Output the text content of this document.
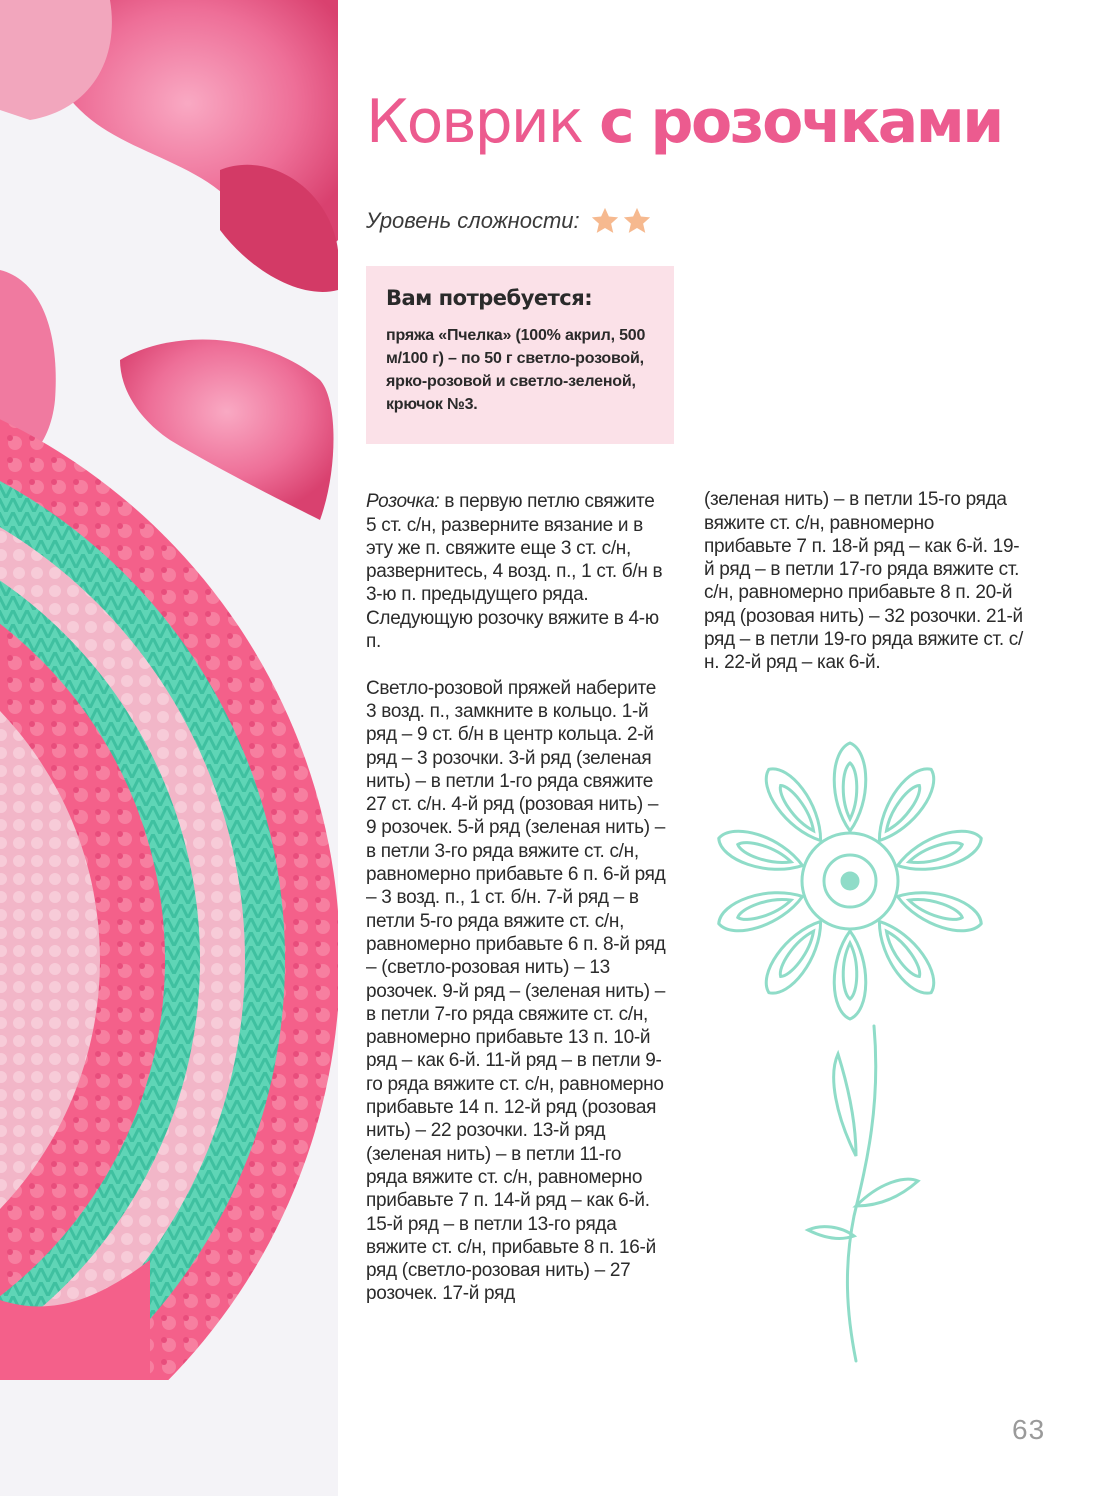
Коврик с розочками
Уровень сложности:
Вам потребуется:

пряжа «Пчелка» (100% акрил, 500 м/100 г) – по 50 г светло-розовой, ярко-розовой и светло-зеленой, крючок №3.

Розочка: в первую петлю свяжите 5 ст. с/н, разверните вязание и в эту же п. свяжите еще 3 ст. с/н, развернитесь, 4 возд. п., 1 ст. б/н в 3-ю п. предыдущего ряда. Следующую розочку вяжите в 4-ю п.

Светло-розовой пряжей наберите 3 возд. п., замкните в кольцо. 1-й ряд – 9 ст. б/н в центр кольца. 2-й ряд – 3 розочки. 3-й ряд (зеленая нить) – в петли 1-го ряда свяжите 27 ст. с/н. 4-й ряд (розовая нить) – 9 розочек. 5-й ряд (зеленая нить) – в петли 3-го ряда вяжите ст. с/н, равномерно прибавьте 6 п. 6-й ряд – 3 возд. п., 1 ст. б/н. 7-й ряд – в петли 5-го ряда вяжите ст. с/н, равномерно прибавьте 6 п. 8-й ряд – (светло-розовая нить) – 13 розочек. 9-й ряд – (зеленая нить) – в петли 7-го ряда свяжите ст. с/н, равномерно прибавьте 13 п. 10-й ряд – как 6-й. 11-й ряд – в петли 9-го ряда вяжите ст. с/н, равномерно прибавьте 14 п. 12-й ряд (розовая нить) – 22 розочки. 13-й ряд (зеленая нить) – в петли 11-го ряда вяжите ст. с/н, равномерно прибавьте 7 п. 14-й ряд – как 6-й. 15-й ряд – в петли 13-го ряда вяжите ст. с/н, прибавьте 8 п. 16-й ряд (светло-розовая нить) – 27 розочек. 17-й ряд

(зеленая нить) – в петли 15-го ряда вяжите ст. с/н, равномерно прибавьте 7 п. 18-й ряд – как 6-й. 19-й ряд – в петли 17-го ряда вяжите ст. с/н, равномерно прибавьте 8 п. 20-й ряд (розовая нить) – 32 розочки. 21-й ряд – в петли 19-го ряда вяжите ст. с/н. 22-й ряд – как 6-й.

63
